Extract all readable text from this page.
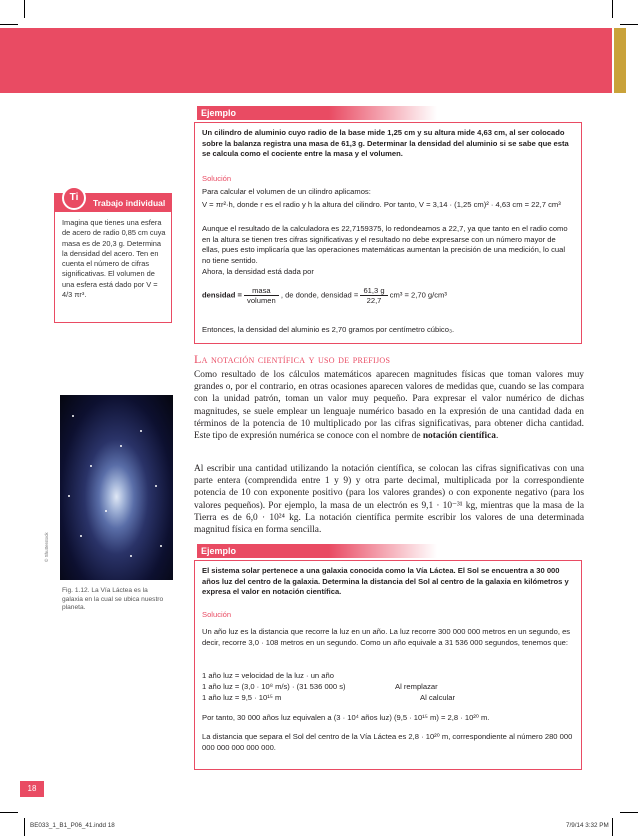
Ejemplo
Un cilindro de aluminio cuyo radio de la base mide 1,25 cm y su altura mide 4,63 cm, al ser colocado sobre la balanza registra una masa de 61,3 g. Determinar la densidad del aluminio si se sabe que esta se calcula como el cociente entre la masa y el volumen.
Solución
Para calcular el volumen de un cilindro aplicamos:
V = πr²·h, donde r es el radio y h la altura del cilindro. Por tanto, V = 3,14 · (1,25 cm)² · 4,63 cm = 22,7 cm³
Aunque el resultado de la calculadora es 22,7159375, lo redondeamos a 22,7, ya que tanto en el radio como en la altura se tienen tres cifras significativas y el resultado no debe expresarse con un número mayor de ellas, pues esto implicaría que las operaciones matemáticas aumentan la precisión de una medición, lo cual no tiene sentido.
Ahora, la densidad está dada por
densidad = $\frac{\text{masa}}{\text{volumen}}$ , de donde, densidad = $\frac{61,3 g}{22,7} cm^3 = 2,70$ g/cm³
Entonces, la densidad del aluminio es 2,70 gramos por centímetro cúbico₃.
Trabajo individual
Imagina que tienes una esfera de acero de radio 0,85 cm cuya masa es de 20,3 g. Determina la densidad del acero. Ten en cuenta el número de cifras significativas. El volumen de una esfera está dado por V = 4/3 πr³.
Ti
La notación científica y uso de prefijos
Como resultado de los cálculos matemáticos aparecen magnitudes físicas que toman valores muy grandes o, por el contrario, en otras ocasiones aparecen valores de medidas que, cuando se las compara con la unidad patrón, toman un valor muy pequeño. Para expresar el valor numérico de dichas magnitudes, se suele emplear un lenguaje numérico basado en la expresión de una cantidad dada en términos de la potencia de 10 multiplicado por las cifras significativas, para obtener dicha cantidad. Este tipo de expresión numérica se conoce con el nombre de notación científica.
Al escribir una cantidad utilizando la notación científica, se colocan las cifras significativas con una parte entera (comprendida entre 1 y 9) y otra parte decimal, multiplicada por la correspondiente potencia de 10 con exponente positivo (para los valores grandes) o con exponente negativo (para los valores pequeños). Por ejemplo, la masa de un electrón es 9,1 · 10⁻³¹ kg, mientras que la masa de la Tierra es de 6,0 · 10²⁴ kg. La notación científica permite escribir los valores de una determinada magnitud física en forma sencilla.
© Shutterstock
Fig. 1.12. La Vía Láctea es la galaxia en la cual se ubica nuestro planeta.
Ejemplo
El sistema solar pertenece a una galaxia conocida como la Vía Láctea. El Sol se encuentra a 30 000 años luz del centro de la galaxia. Determina la distancia del Sol al centro de la galaxia en kilómetros y expresa el valor en notación científica.
Solución
Un año luz es la distancia que recorre la luz en un año. La luz recorre 300 000 000 metros en un segundo, es decir, recorre 3,0 · 108 metros en un segundo. Como un año equivale a 31 536 000 segundos, tenemos que:
1 año luz = velocidad de la luz · un año
1 año luz = (3,0 · 10⁸ m/s) · (31 536 000 s)	Al remplazar
1 año luz = 9,5 · 10¹⁵ m	Al calcular
Por tanto, 30 000 años luz equivalen a (3 · 10⁴ años luz) (9,5 · 10¹⁵ m) = 2,8 · 10²⁰ m.
La distancia que separa el Sol del centro de la Vía Láctea es 2,8 · 10²⁰ m, correspondiente al número 280 000 000 000 000 000 000.
18
BE033_1_B1_P06_41.indd 18	7/9/14 3:32 PM
